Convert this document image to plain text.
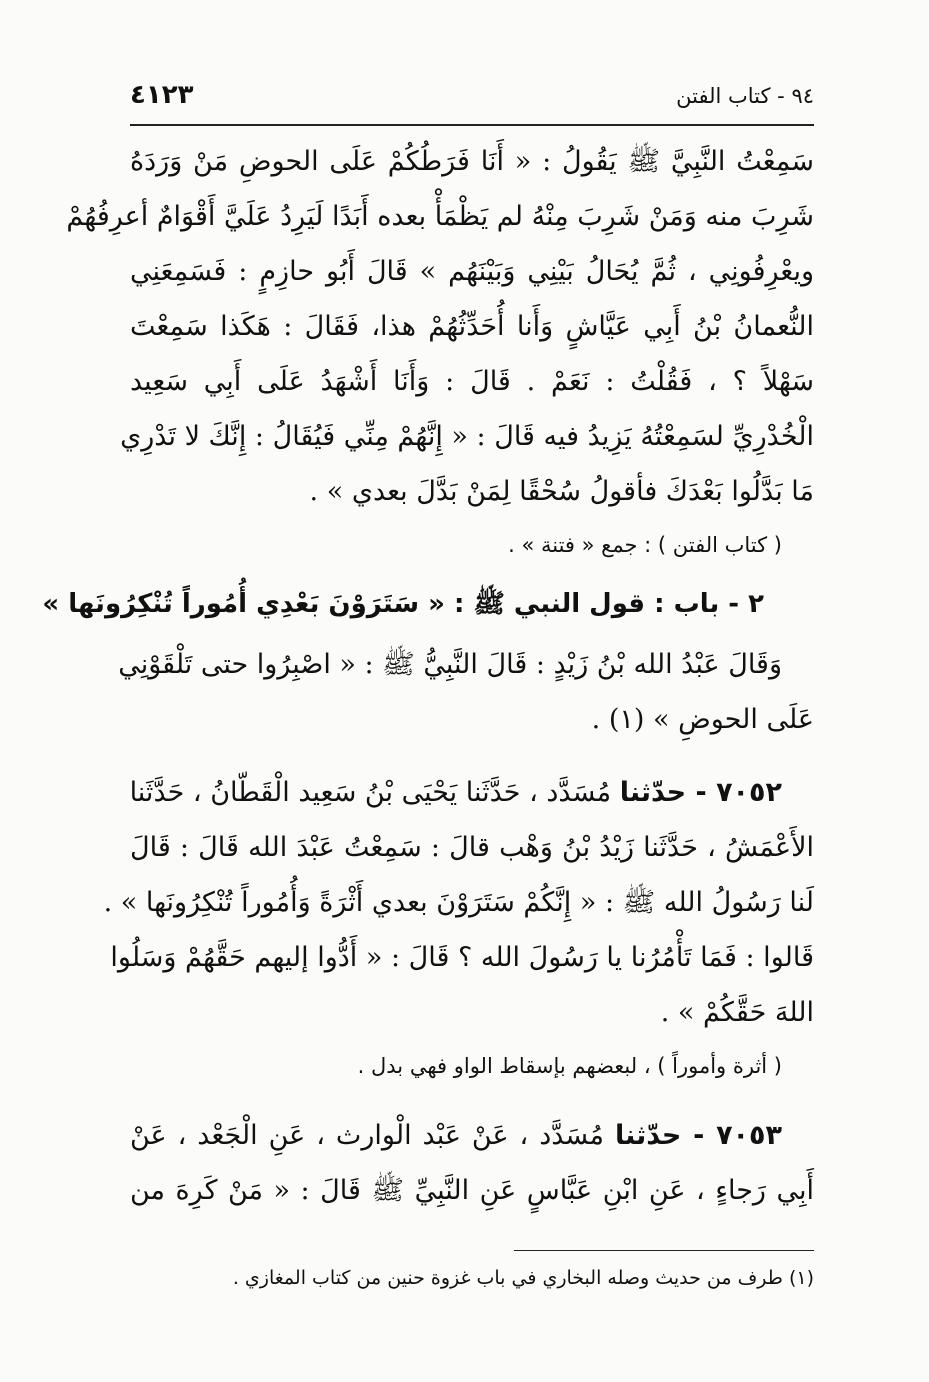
٩٤ - كتاب الفتن
٤١٢٣
سَمِعْتُ النَّبِيَّ ﷺ يَقُولُ : « أَنَا فَرَطُكُمْ عَلَى الحوضِ مَنْ وَرَدَهُ
شَرِبَ منه وَمَنْ شَرِبَ مِنْهُ لم يَظْمَأْ بعده أَبَدًا لَيَرِدُ عَلَيَّ أَقْوَامٌ أعرِفُهُمْ
ويعْرِفُونِي ، ثُمَّ يُحَالُ بَيْنِي وَبَيْنَهُم » قَالَ أَبُو حازِمٍ : فَسَمِعَنِي
النُّعمانُ بْنُ أَبِي عَيَّاشٍ وَأَنا أُحَدِّثُهُمْ هذا، فَقَالَ : هَكَذا سَمِعْتَ
سَهْلاً ؟ ، فَقُلْتُ : نَعَمْ . قَالَ : وَأَنَا أَشْهَدُ عَلَى أَبِي سَعِيد
الْخُدْرِيِّ لسَمِعْتُهُ يَزِيدُ فيه قَالَ : « إِنَّهُمْ مِنِّي فَيُقَالُ : إِنَّكَ لا تَدْرِي
مَا بَدَّلُوا بَعْدَكَ فأقولُ سُحْقًا لِمَنْ بَدَّلَ بعدي » .
( كتاب الفتن ) : جمع « فتنة » .
٢ - باب : قول النبي ﷺ : « سَتَرَوْنَ بَعْدِي أُمُوراً تُنْكِرُونَها »
وَقَالَ عَبْدُ الله بْنُ زَيْدٍ : قَالَ النَّبِيُّ ﷺ : « اصْبِرُوا حتى تَلْقَوْنِي
عَلَى الحوضِ » (١) .
٧٠٥٢ - حدّثنا مُسَدَّد ، حَدَّثَنا يَحْيَى بْنُ سَعِيد الْقَطّانُ ، حَدَّثَنا
الأَعْمَشُ ، حَدَّثَنا زَيْدُ بْنُ وَهْب قالَ : سَمِعْتُ عَبْدَ الله قَالَ : قَالَ
لَنا رَسُولُ الله ﷺ : « إِنَّكُمْ سَتَرَوْنَ بعدي أَثْرَةً وَأُمُوراً تُنْكِرُونَها » .
قَالوا : فَمَا تَأْمُرُنا يا رَسُولَ الله ؟ قَالَ : « أَدُّوا إليهم حَقَّهُمْ وَسَلُوا
اللهَ حَقَّكُمْ » .
( أثرة وأموراً ) ، لبعضهم بإسقاط الواو فهي بدل .
٧٠٥٣ - حدّثنا مُسَدَّد ، عَنْ عَبْد الْوارث ، عَنِ الْجَعْد ، عَنْ
أَبِي رَجاءٍ ، عَنِ ابْنِ عَبَّاسٍ عَنِ النَّبِيِّ ﷺ قَالَ : « مَنْ كَرِهَ من
(١) طرف من حديث وصله البخاري في باب غزوة حنين من كتاب المغازي .
